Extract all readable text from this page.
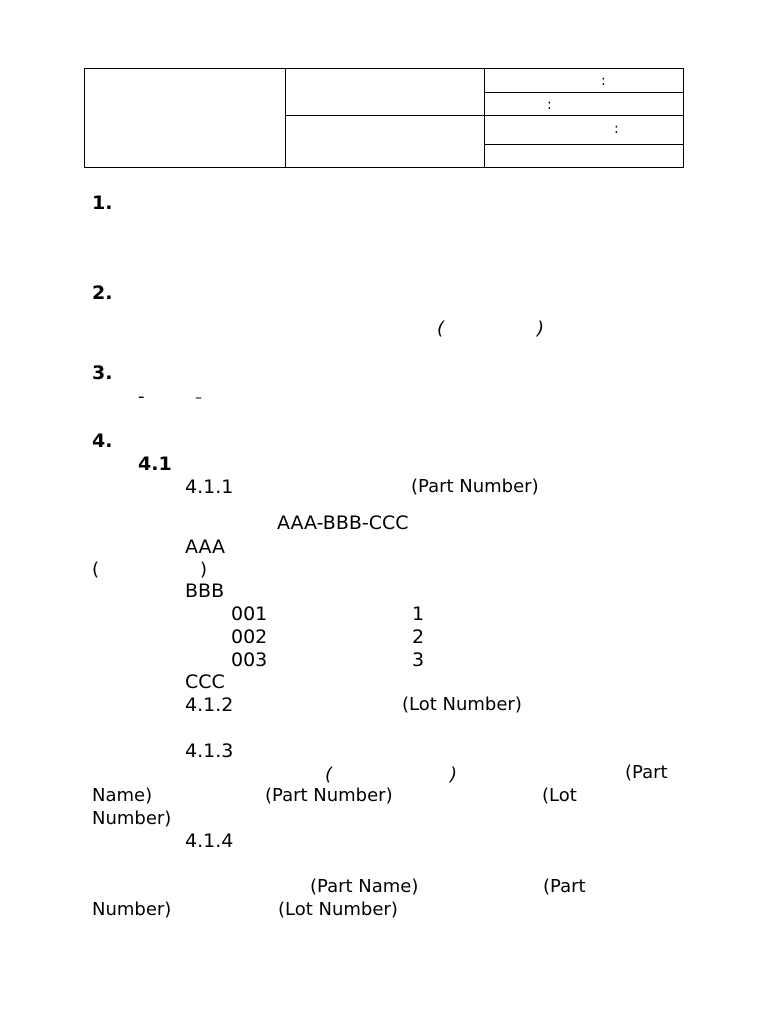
:
:
:
1.
2.
(	)
3.
-	–
4.
4.1
4.1.1	(Part Number)
AAA-BBB-CCC
AAA
(	)
BBB
001	1
002	2
003	3
CCC
4.1.2	(Lot Number)
4.1.3
(	)	(Part
Name)	(Part Number)	(Lot
Number)
4.1.4
(Part Name)	(Part
Number)	(Lot Number)
